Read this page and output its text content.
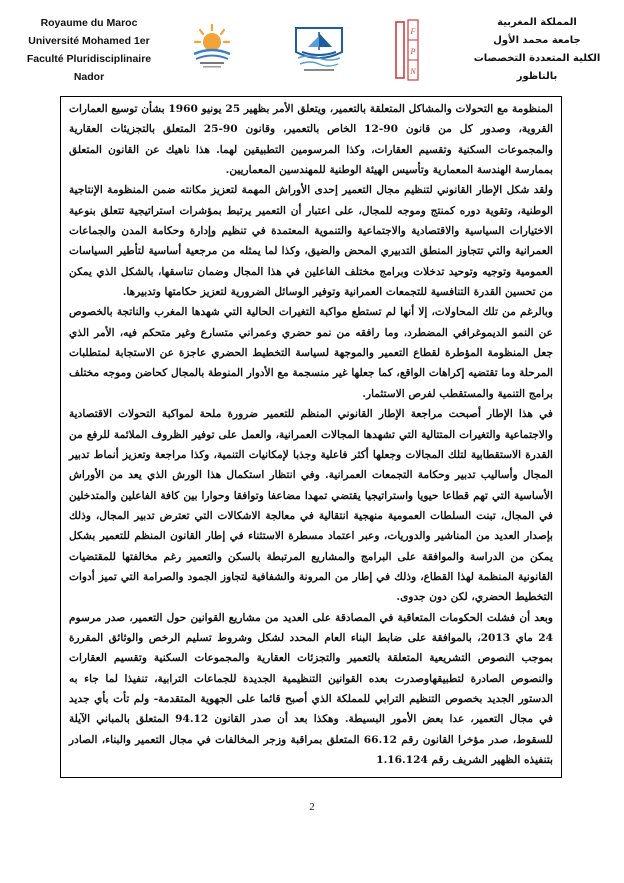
Royaume du Maroc
Université Mohamed 1er
Faculté Pluridisciplinaire Nador
F
P
N
المملكة المغربية
جامعة محمد الأول
الكلية المتعددة التخصصات بالناظور

المنظومة مع التحولات والمشاكل المتعلقة بالتعمير، ويتعلق الأمر بظهير 25 يونيو 1960 بشأن توسيع العمارات القروية، وصدور كل من قانون 90-12 الخاص بالتعمير، وقانون 90-25 المتعلق بالتجزيئات العقارية والمجموعات السكنية وتقسيم العقارات، وكذا المرسومين التطبيقين لهما. هذا ناهيك عن القانون المتعلق بممارسة الهندسة المعمارية وتأسيس الهيئة الوطنية للمهندسين المعماريين.

ولقد شكل الإطار القانوني لتنظيم مجال التعمير إحدى الأوراش المهمة لتعزيز مكانته ضمن المنظومة الإنتاجية الوطنية، وتقوية دوره كمنتج وموجه للمجال، على اعتبار أن التعمير يرتبط بمؤشرات استراتيجية تتعلق بنوعية الاختيارات السياسية والاقتصادية والاجتماعية والتنموية المعتمدة في تنظيم وإدارة وحكامة المدن والجماعات العمرانية والتي تتجاوز المنطق التدبيري المحض والضيق، وكذا لما يمثله من مرجعية أساسية لتأطير السياسات العمومية وتوجيه وتوحيد تدخلات وبرامج مختلف الفاعلين في هذا المجال وضمان تناسقها، بالشكل الذي يمكن من تحسين القدرة التنافسية للتجمعات العمرانية وتوفير الوسائل الضرورية لتعزيز حكامتها وتدبيرها.

وبالرغم من تلك المحاولات، إلا أنها لم تستطع مواكبة التغيرات الحالية التي شهدها المغرب والناتجة بالخصوص عن النمو الديموغرافي المضطرد، وما رافقه من نمو حضري وعمراني متسارع وغير متحكم فيه، الأمر الذي جعل المنظومة المؤطرة لقطاع التعمير والموجهة لسياسة التخطيط الحضري عاجزة عن الاستجابة لمتطلبات المرحلة وما تقتضيه إكراهات الواقع، كما جعلها غير منسجمة مع الأدوار المنوطة بالمجال كحاضن وموجه مختلف برامج التنمية والمستقطب لفرص الاستثمار.

في هذا الإطار أصبحت مراجعة الإطار القانوني المنظم للتعمير ضرورة ملحة لمواكبة التحولات الاقتصادية والاجتماعية والتغيرات المتتالية التي تشهدها المجالات العمرانية، والعمل على توفير الظروف الملائمة للرفع من القدرة الاستقطابية لتلك المجالات وجعلها أكثر فاعلية وجذبا لإمكانيات التنمية، وكذا مراجعة وتعزيز أنماط تدبير المجال وأساليب تدبير وحكامة التجمعات العمرانية. وفي انتظار استكمال هذا الورش الذي يعد من الأوراش الأساسية التي تهم قطاعا حيويا واستراتيجيا يقتضي تمهدا مضاعفا وتوافقا وحوارا بين كافة الفاعلين والمتدخلين في المجال، تبنت السلطات العمومية منهجية انتقالية في معالجة الاشكالات التي تعترض تدبير المجال، وذلك بإصدار العديد من المناشير والدوريات، وعبر اعتماد مسطرة الاستثناء في إطار القانون المنظم للتعمير بشكل يمكن من الدراسة والموافقة على البرامج والمشاريع المرتبطة بالسكن والتعمير رغم مخالفتها للمقتضيات القانونية المنظمة لهذا القطاع، وذلك في إطار من المرونة والشفافية لتجاوز الجمود والصرامة التي تميز أدوات التخطيط الحضري، لكن دون جدوى.

وبعد أن فشلت الحكومات المتعاقبة في المصادقة على العديد من مشاريع القوانين حول التعمير، صدر مرسوم 24 ماي 2013، بالموافقة على ضابط البناء العام المحدد لشكل وشروط تسليم الرخص والوثائق المقررة بموجب النصوص التشريعية المتعلقة بالتعمير والتجزئات العقارية والمجموعات السكنية وتقسيم العقارات والنصوص الصادرة لتطبيقهاوصدرت بعده القوانين التنظيمية الجديدة للجماعات الترابية، تنفيذا لما جاء به الدستور الجديد بخصوص التنظيم الترابي للمملكة الذي أصبح قائما على الجهوية المتقدمة- ولم تأت بأي جديد في مجال التعمير، عدا بعض الأمور البسيطة. وهكذا بعد أن صدر القانون 94.12 المتعلق بالمباني الآيلة للسقوط، صدر مؤخرا القانون رقم 66.12 المتعلق بمراقبة وزجر المخالفات في مجال التعمير والبناء، الصادر بتنفيذه الظهير الشريف رقم 1.16.124

2
